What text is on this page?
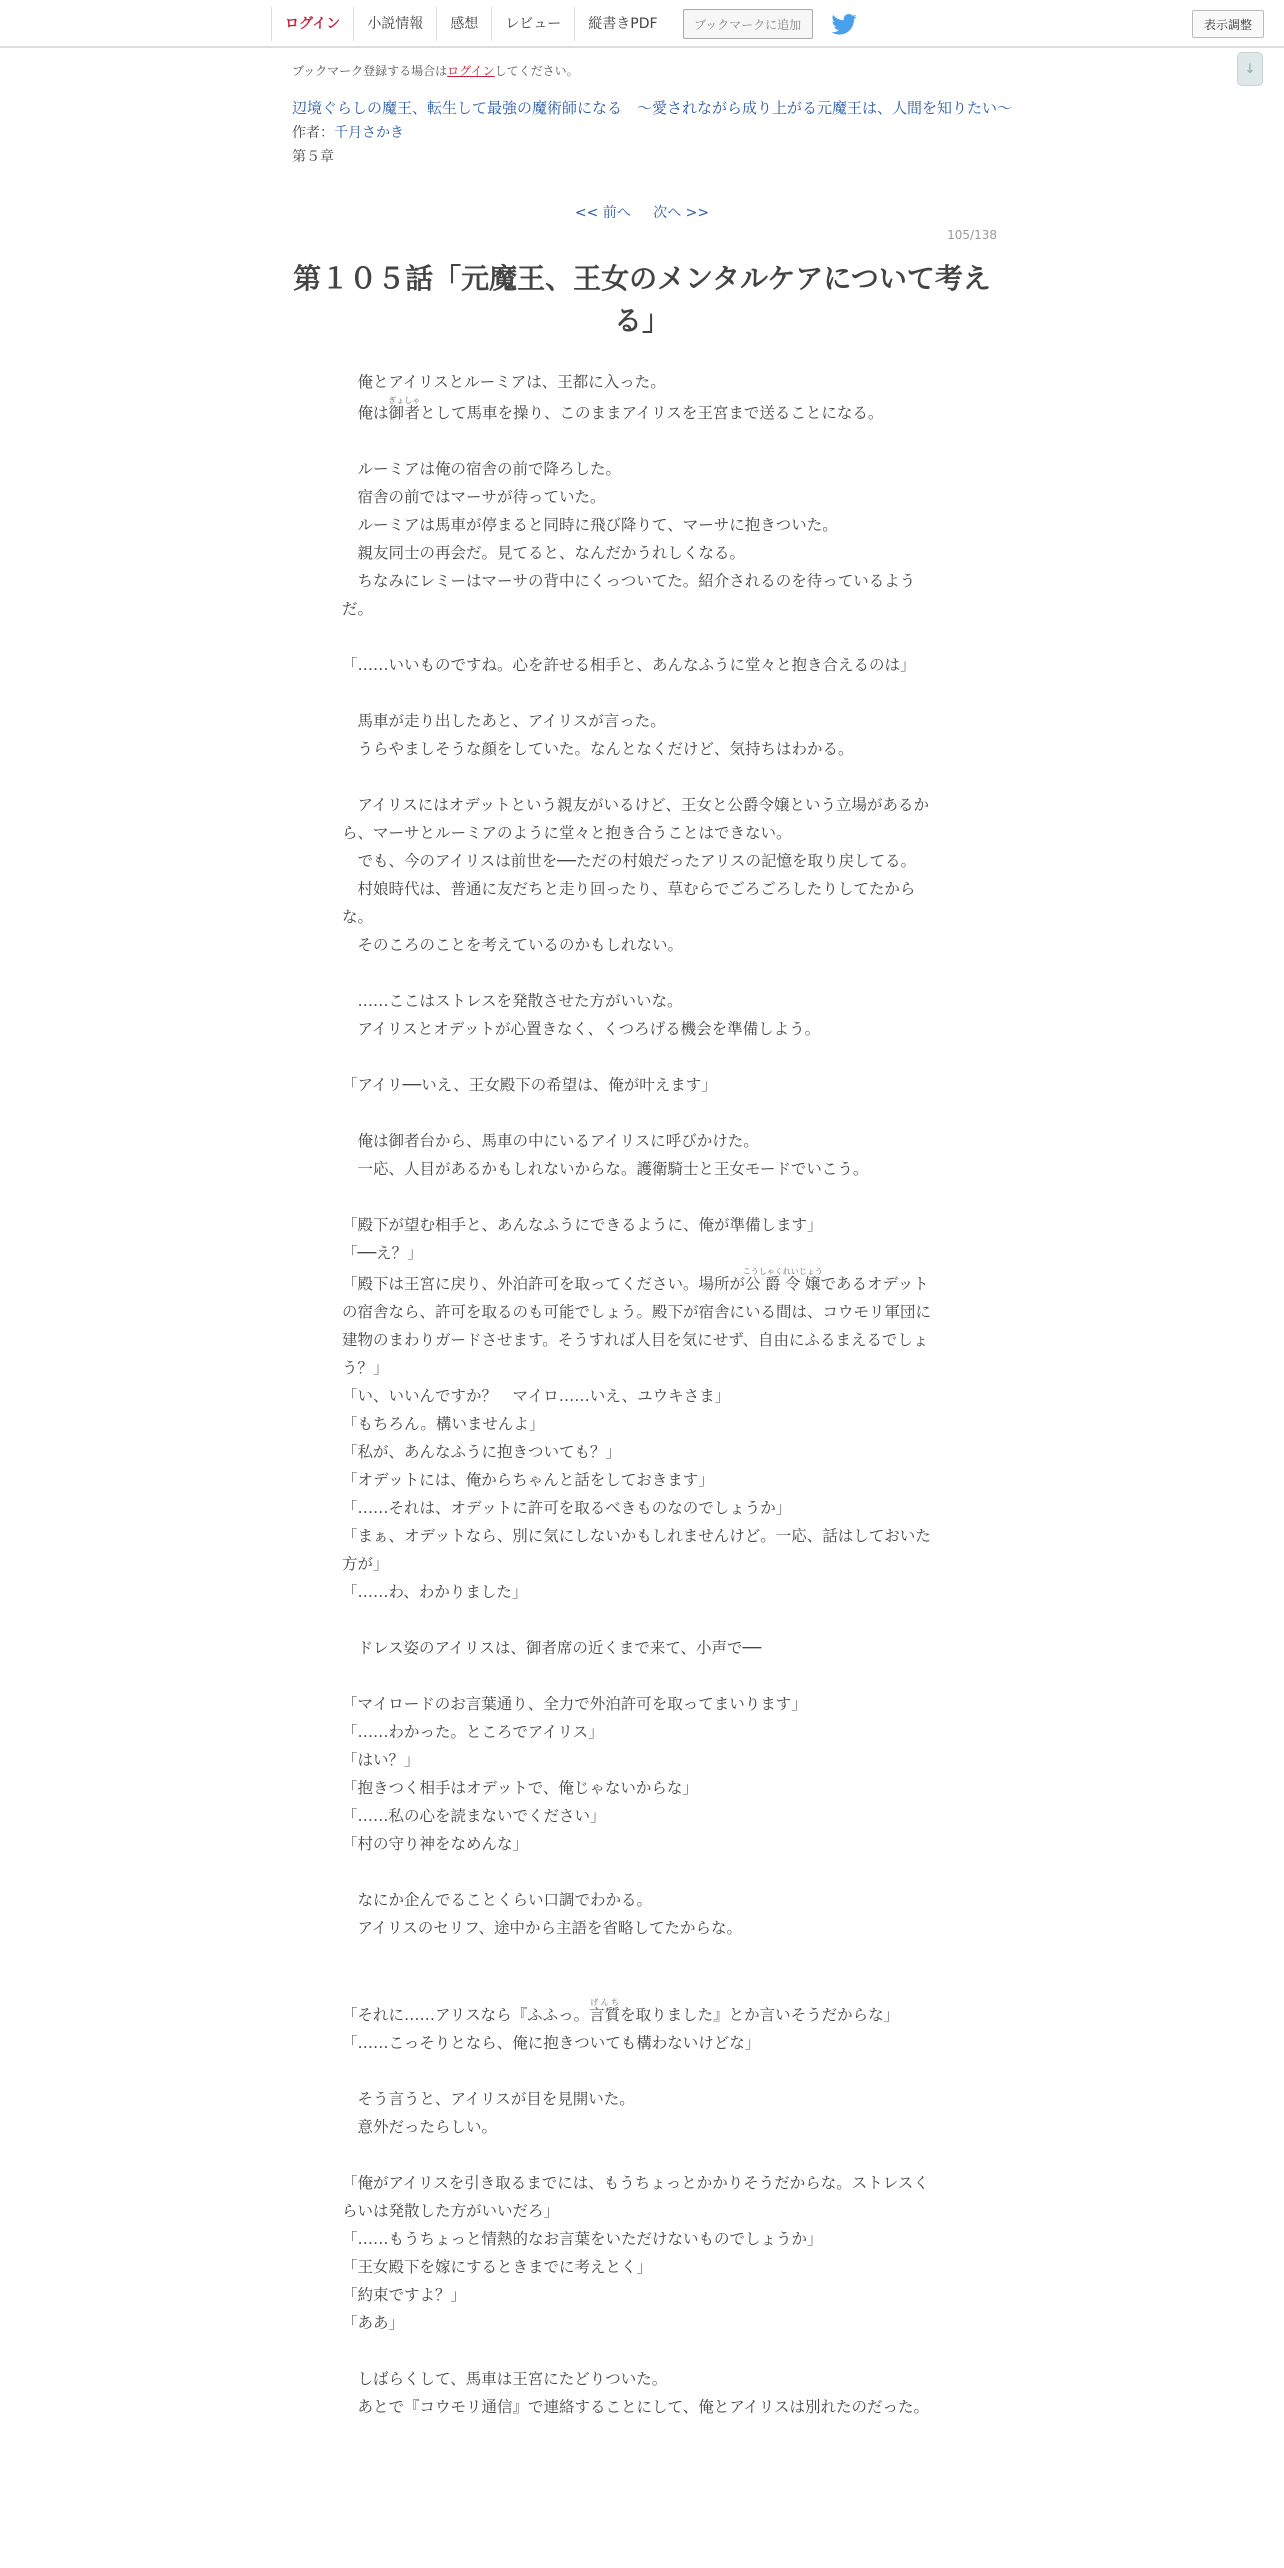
ログイン	小説情報	感想	レビュー	縦書きPDF	ブックマークに追加	表示調整
↓
ブックマーク登録する場合はログインしてください。
辺境ぐらしの魔王、転生して最強の魔術師になる　〜愛されながら成り上がる元魔王は、人間を知りたい〜
作者：千月さかき
第５章
<< 前へ 次へ >>
105/138
第１０５話「元魔王、王女のメンタルケアについて考える」
　俺とアイリスとルーミアは、王都に入った。
　俺は御者ぎょしゃとして馬車を操り、このままアイリスを王宮まで送ることになる。
　ルーミアは俺の宿舎の前で降ろした。
　宿舎の前ではマーサが待っていた。
　ルーミアは馬車が停まると同時に飛び降りて、マーサに抱きついた。
　親友同士の再会だ。見てると、なんだかうれしくなる。
　ちなみにレミーはマーサの背中にくっついてた。紹介されるのを待っているようだ。
「……いいものですね。心を許せる相手と、あんなふうに堂々と抱き合えるのは」
　馬車が走り出したあと、アイリスが言った。
　うらやましそうな顔をしていた。なんとなくだけど、気持ちはわかる。
　アイリスにはオデットという親友がいるけど、王女と公爵令嬢という立場があるから、マーサとルーミアのように堂々と抱き合うことはできない。
　でも、今のアイリスは前世を──ただの村娘だったアリスの記憶を取り戻してる。
　村娘時代は、普通に友だちと走り回ったり、草むらでごろごろしたりしてたからな。
　そのころのことを考えているのかもしれない。
　……ここはストレスを発散させた方がいいな。
　アイリスとオデットが心置きなく、くつろげる機会を準備しよう。
「アイリ──いえ、王女殿下の希望は、俺が叶えます」
　俺は御者台から、馬車の中にいるアイリスに呼びかけた。
　一応、人目があるかもしれないからな。護衛騎士と王女モードでいこう。
「殿下が望む相手と、あんなふうにできるように、俺が準備します」
「──え？」
「殿下は王宮に戻り、外泊許可を取ってください。場所が公爵令嬢こうしゃくれいじょうであるオデットの宿舎なら、許可を取るのも可能でしょう。殿下が宿舎にいる間は、コウモリ軍団に建物のまわりガードさせます。そうすれば人目を気にせず、自由にふるまえるでしょう？」
「い、いいんですか？　マイロ……いえ、ユウキさま」
「もちろん。構いませんよ」
「私が、あんなふうに抱きついても？」
「オデットには、俺からちゃんと話をしておきます」
「……それは、オデットに許可を取るべきものなのでしょうか」
「まぁ、オデットなら、別に気にしないかもしれませんけど。一応、話はしておいた方が」
「……わ、わかりました」
　ドレス姿のアイリスは、御者席の近くまで来て、小声で──
「マイロードのお言葉通り、全力で外泊許可を取ってまいります」
「……わかった。ところでアイリス」
「はい？」
「抱きつく相手はオデットで、俺じゃないからな」
「……私の心を読まないでください」
「村の守り神をなめんな」
　なにか企んでることくらい口調でわかる。
　アイリスのセリフ、途中から主語を省略してたからな。
「それに……アリスなら『ふふっ。言質げんちを取りました』とか言いそうだからな」
「……こっそりとなら、俺に抱きついても構わないけどな」
　そう言うと、アイリスが目を見開いた。
　意外だったらしい。
「俺がアイリスを引き取るまでには、もうちょっとかかりそうだからな。ストレスくらいは発散した方がいいだろ」
「……もうちょっと情熱的なお言葉をいただけないものでしょうか」
「王女殿下を嫁にするときまでに考えとく」
「約束ですよ？」
「ああ」
　しばらくして、馬車は王宮にたどりついた。
　あとで『コウモリ通信』で連絡することにして、俺とアイリスは別れたのだった。
